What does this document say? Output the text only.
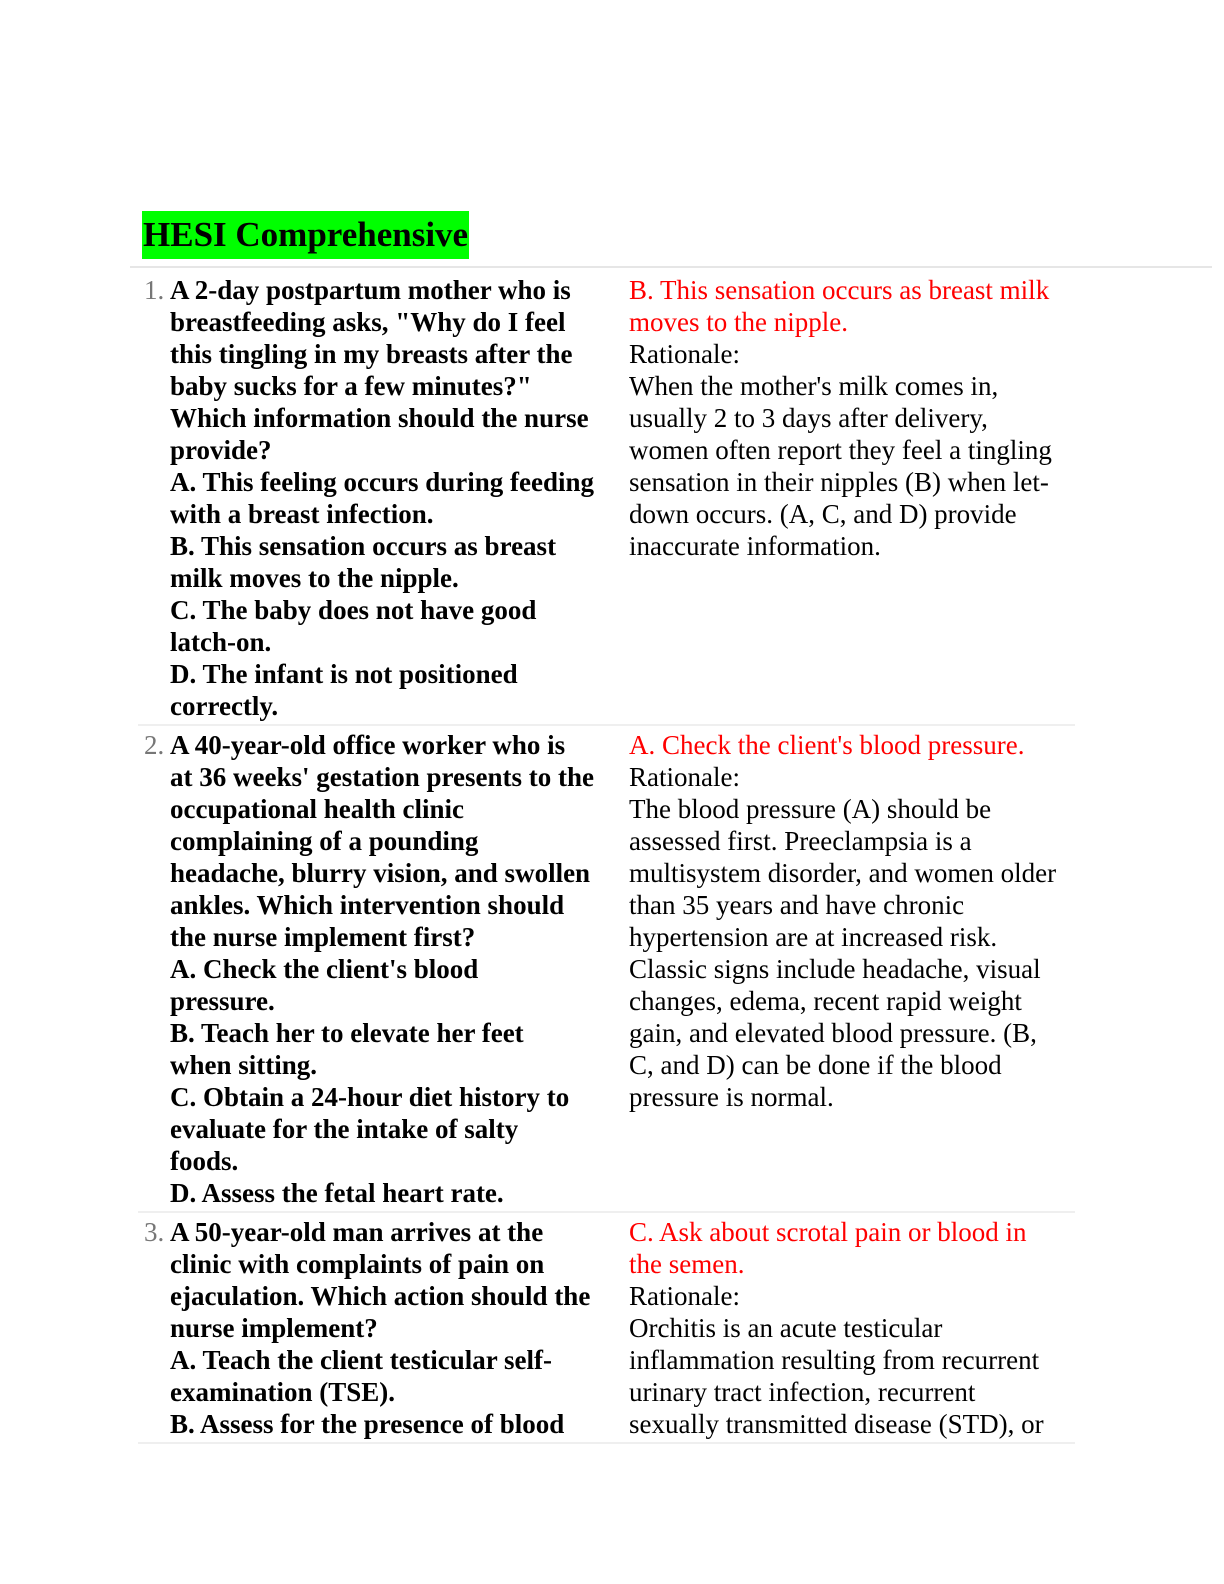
HESI Comprehensive
1. A 2-day postpartum mother who is
breastfeeding asks, "Why do I feel
this tingling in my breasts after the
baby sucks for a few minutes?"
Which information should the nurse
provide?
A. This feeling occurs during feeding
with a breast infection.
B. This sensation occurs as breast
milk moves to the nipple.
C. The baby does not have good
latch-on.
D. The infant is not positioned
correctly.
B. This sensation occurs as breast milk
moves to the nipple.
Rationale:
When the mother's milk comes in,
usually 2 to 3 days after delivery,
women often report they feel a tingling
sensation in their nipples (B) when let-
down occurs. (A, C, and D) provide
inaccurate information.
2. A 40-year-old office worker who is
at 36 weeks' gestation presents to the
occupational health clinic
complaining of a pounding
headache, blurry vision, and swollen
ankles. Which intervention should
the nurse implement first?
A. Check the client's blood
pressure.
B. Teach her to elevate her feet
when sitting.
C. Obtain a 24-hour diet history to
evaluate for the intake of salty
foods.
D. Assess the fetal heart rate.
A. Check the client's blood pressure.
Rationale:
The blood pressure (A) should be
assessed first. Preeclampsia is a
multisystem disorder, and women older
than 35 years and have chronic
hypertension are at increased risk.
Classic signs include headache, visual
changes, edema, recent rapid weight
gain, and elevated blood pressure. (B,
C, and D) can be done if the blood
pressure is normal.
3. A 50-year-old man arrives at the
clinic with complaints of pain on
ejaculation. Which action should the
nurse implement?
A. Teach the client testicular self-
examination (TSE).
B. Assess for the presence of blood
C. Ask about scrotal pain or blood in
the semen.
Rationale:
Orchitis is an acute testicular
inflammation resulting from recurrent
urinary tract infection, recurrent
sexually transmitted disease (STD), or
